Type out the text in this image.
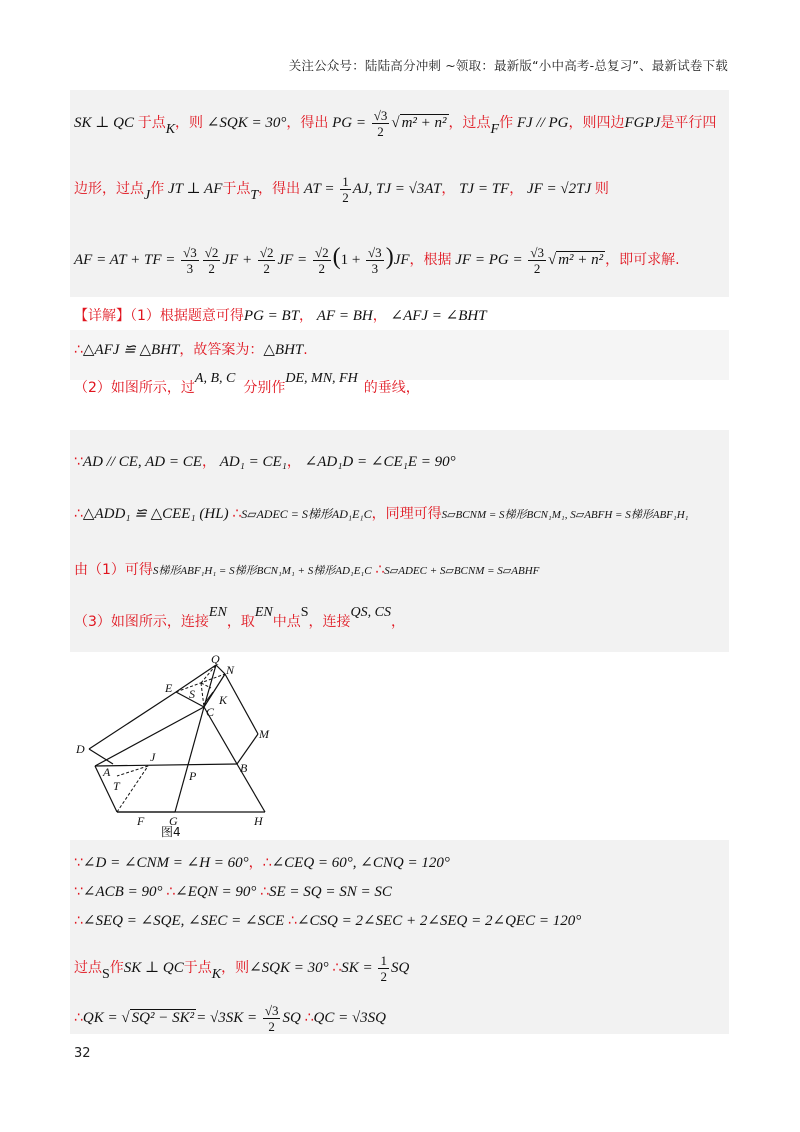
关注公众号：陆陆高分冲刺 ~领取：最新版“小中高考-总复习”、最新试卷下载
SK ⊥ QC 于点K，则 ∠SQK = 30°，得出 PG = $\frac{√3}{2}$ √ m² + n² ，过点F作 FJ // PG，则四边FGPJ是平行四
边形，过点J作 JT ⊥ AF于点T，得出 AT = $\frac{1}{2}$ AJ, TJ = √3AT， TJ = TF， JF = √2TJ 则
AF = AT + TF = $\frac{√3}{3} \frac{√2}{2}$ JF + $\frac{√2}{2}$ JF = $\frac{√2}{2} (1 + \frac{√3}{3} )JF$，根据 JF = PG = $\frac{√3}{2}$ √ m² + n² ，即可求解.
【详解】（1）根据题意可得PG = BT， AF = BH， ∠AFJ = ∠BHT
∴△AFJ ≌ △BHT，故答案为：△BHT.
（2）如图所示，过A, B, C分别作DE, MN, FH的垂线，
∵AD // CE, AD = CE， AD₁ = CE₁， ∠AD₁D = ∠CE₁E = 90°
∴△ADD₁ ≌ △CEE₁ (HL) ∴S▱ADEC = S梯形AD₁E₁C，同理可得S▱BCNM = S梯形BCN₁M₁, S▱ABFH = S梯形ABF₁H₁
由（1）可得S梯形ABF₁H₁ = S梯形BCN₁M₁ + S梯形AD₁E₁C ∴S▱ADEC + S▱BCNM = S▱ABHF
（3）如图所示，连接EN，取EN中点S，连接QS, CS，
Q
N
E S K
C
M
D
J
A	P
B
T
F G	H
图4
∵∠D = ∠CNM = ∠H = 60°，∴∠CEQ = 60°, ∠CNQ = 120°
∵∠ACB = 90° ∴∠EQN = 90° ∴SE = SQ = SN = SC
∴∠SEQ = ∠SQE, ∠SEC = ∠SCE ∴∠CSQ = 2∠SEC + 2∠SEQ = 2∠QEC = 120°
过点S作SK ⊥ QC于点K，则∠SQK = 30° ∴SK = $\frac{1}{2}$ SQ
∴QK = √ $SQ^2 - SK^2 = √3SK = \frac{√3}{2}$ SQ ∴QC = √3SQ
32
